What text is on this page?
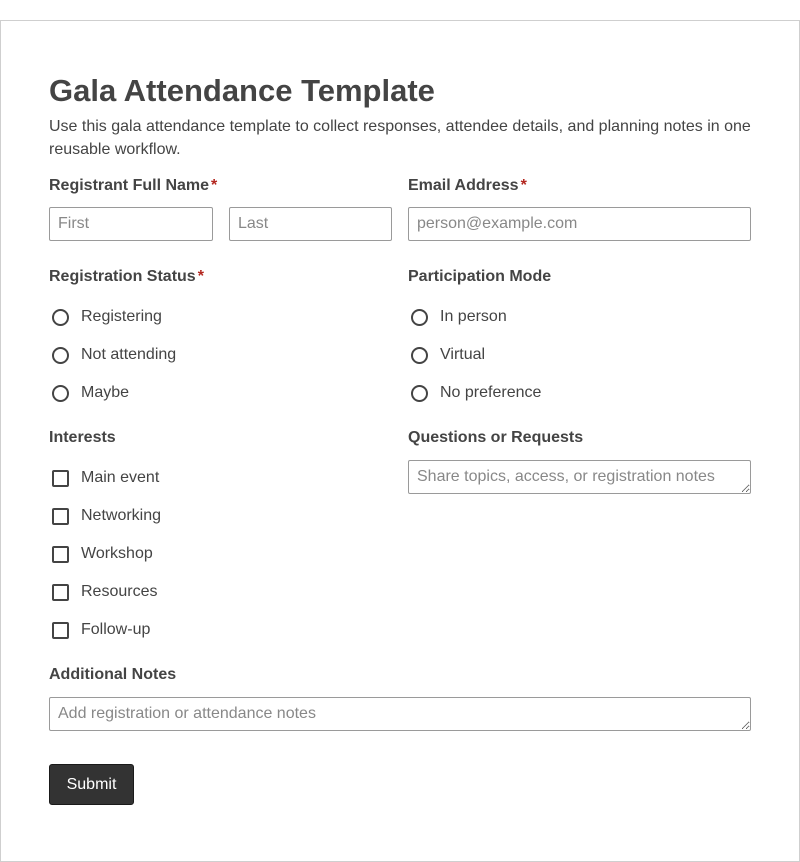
Gala Attendance Template
Use this gala attendance template to collect responses, attendee details, and planning notes in one reusable workflow.
Registrant Full Name *
First
Last	Email Address *
person@example.com
Registration Status *
Registering
Not attending
Maybe
Participation Mode
In person
Virtual
No preference
Interests
Main event
Networking
Workshop
Resources
Follow-up
Questions or Requests
Share topics, access, or registration notes
Additional Notes
Add registration or attendance notes
Submit
